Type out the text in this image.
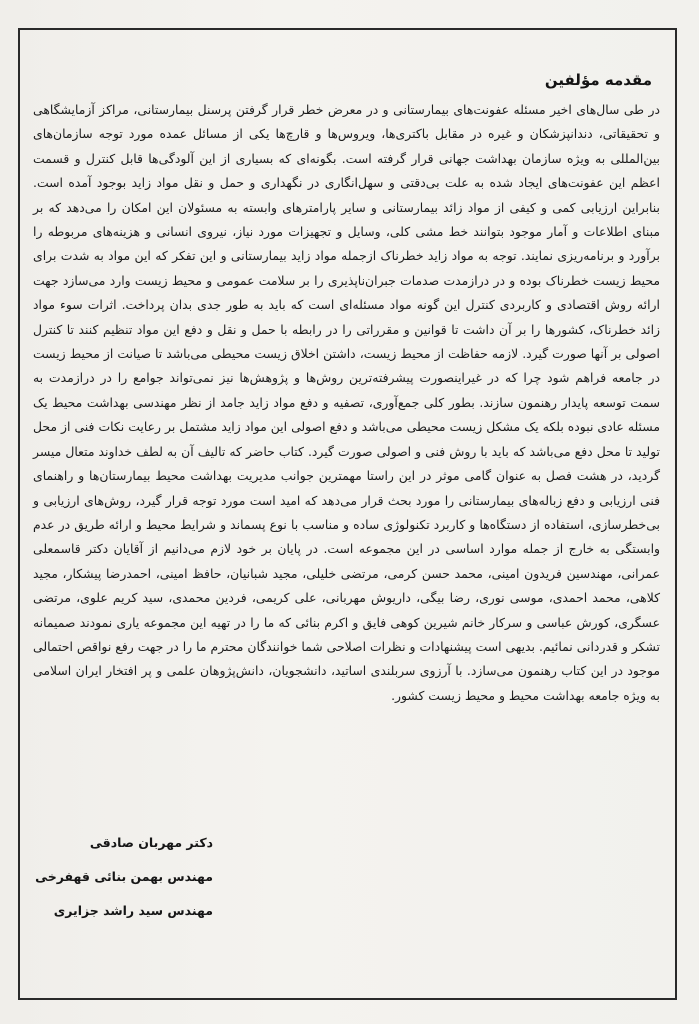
مقدمه مؤلفین

در طی سال‌های اخیر مسئله عفونت‌های بیمارستانی و در معرض خطر قرار گرفتن پرسنل بیمارستانی، مراکز آزمایشگاهی و تحقیقاتی، دندانپزشکان و غیره در مقابل باکتری‌ها، ویروس‌ها و قارچ‌ها یکی از مسائل عمده مورد توجه سازمان‌های بین‌المللی به ویژه سازمان بهداشت جهانی قرار گرفته است. بگونه‌ای که بسیاری از این آلودگی‌ها قابل کنترل و قسمت اعظم این عفونت‌های ایجاد شده به علت بی‌دقتی و سهل‌انگاری در نگهداری و حمل و نقل مواد زاید بوجود آمده است. بنابراین ارزیابی کمی و کیفی از مواد زائد بیمارستانی و سایر پارامترهای وابسته به مسئولان این امکان را می‌دهد که بر مبنای اطلاعات و آمار موجود بتوانند خط مشی کلی، وسایل و تجهیزات مورد نیاز، نیروی انسانی و هزینه‌های مربوطه را برآورد و برنامه‌ریزی نمایند. توجه به مواد زاید خطرناک ازجمله مواد زاید بیمارستانی و این تفکر که این مواد به شدت برای محیط زیست خطرناک بوده و در درازمدت صدمات جبران‌ناپذیری را بر سلامت عمومی و محیط زیست وارد می‌سازد جهت ارائه روش اقتصادی و کاربردی کنترل این گونه مواد مسئله‌ای است که باید به طور جدی بدان پرداخت. اثرات سوء مواد زائد خطرناک، کشورها را بر آن داشت تا قوانین و مقرراتی را در رابطه با حمل و نقل و دفع این مواد تنظیم کنند تا کنترل اصولی بر آنها صورت گیرد. لازمه حفاظت از محیط زیست، داشتن اخلاق زیست محیطی می‌باشد تا صیانت از محیط زیست در جامعه فراهم شود چرا که در غیراینصورت پیشرفته‌ترین روش‌ها و پژوهش‌ها نیز نمی‌تواند جوامع را در درازمدت به سمت توسعه پایدار رهنمون سازند. بطور کلی جمع‌آوری، تصفیه و دفع مواد زاید جامد از نظر مهندسی بهداشت محیط یک مسئله عادی نبوده بلکه یک مشکل زیست محیطی می‌باشد و دفع اصولی این مواد زاید مشتمل بر رعایت نکات فنی از محل تولید تا محل دفع می‌باشد که باید با روش فنی و اصولی صورت گیرد. کتاب حاضر که تالیف آن به لطف خداوند متعال میسر گردید، در هشت فصل به عنوان گامی موثر در این راستا مهمترین جوانب مدیریت بهداشت محیط بیمارستان‌ها و راهنمای فنی ارزیابی و دفع زباله‌های بیمارستانی را مورد بحث قرار می‌دهد که امید است مورد توجه قرار گیرد، روش‌های ارزیابی و بی‌خطرسازی، استفاده از دستگاه‌ها و کاربرد تکنولوژی ساده و مناسب با نوع پسماند و شرایط محیط و ارائه طریق در عدم وابستگی به خارج از جمله موارد اساسی در این مجموعه است. در پایان بر خود لازم می‌دانیم از آقایان دکتر قاسمعلی عمرانی، مهندسین فریدون امینی، محمد حسن کرمی، مرتضی خلیلی، مجید شبانیان، حافظ امینی، احمدرضا پیشکار، مجید کلاهی، محمد احمدی، موسی نوری، رضا بیگی، داریوش مهربانی، علی کریمی، فردین محمدی، سید کریم علوی، مرتضی عسگری، کورش عباسی و سرکار خانم شیرین کوهی فایق و اکرم بنائی که ما را در تهیه این مجموعه یاری نمودند صمیمانه تشکر و قدردانی نمائیم. بدیهی است پیشنهادات و نظرات اصلاحی شما خوانندگان محترم ما را در جهت رفع نواقص احتمالی موجود در این کتاب رهنمون می‌سازد. با آرزوی سربلندی اساتید، دانشجویان، دانش‌پژوهان علمی و پر افتخار ایران اسلامی به ویژه جامعه بهداشت محیط و محیط زیست کشور.

دکتر مهربان صادقی
مهندس بهمن بنائی قهفرخی
مهندس سید راشد جزایری
